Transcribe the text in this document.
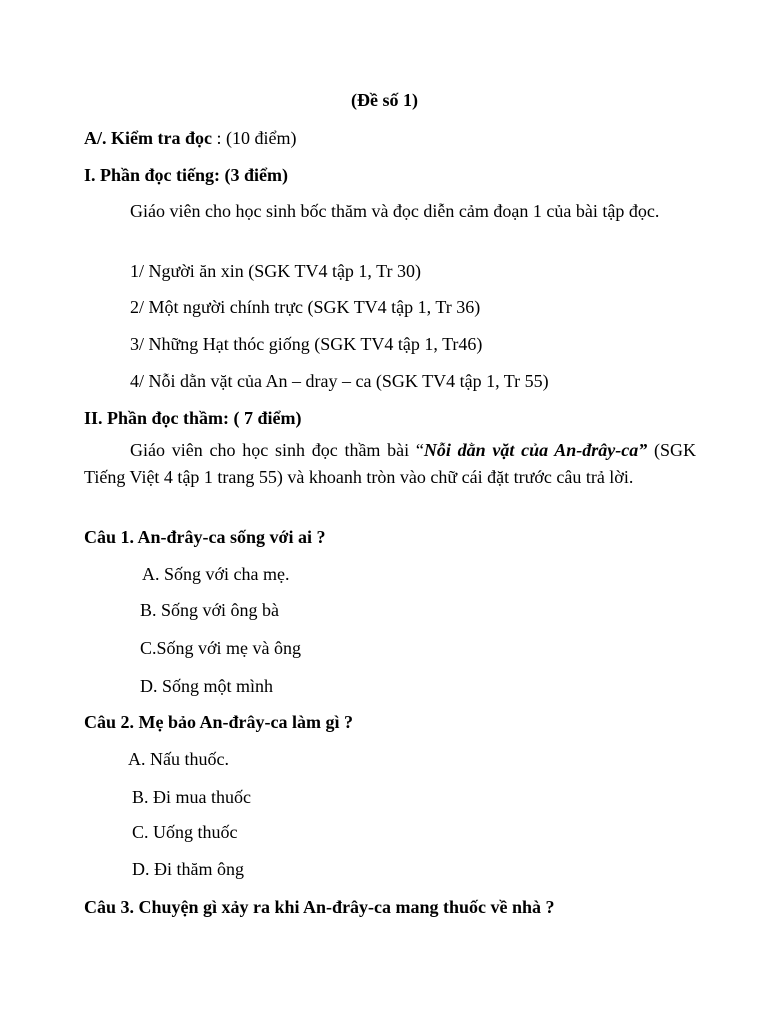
(Đề số 1)
A/. Kiểm tra đọc : (10 điểm)
I. Phần đọc tiếng: (3 điểm)
Giáo viên cho học sinh bốc thăm và đọc diễn cảm đoạn 1 của bài tập đọc.
1/ Người ăn xin (SGK TV4 tập 1, Tr 30)
2/ Một người chính trực (SGK TV4 tập 1, Tr 36)
3/ Những Hạt thóc giống (SGK TV4 tập 1, Tr46)
4/ Nỗi dằn vặt của An – dray – ca (SGK TV4 tập 1, Tr 55)
II. Phần đọc thầm: ( 7 điểm)
Giáo viên cho học sinh đọc thầm bài “Nỗi dằn vặt của An-đrây-ca” (SGK Tiếng Việt 4 tập 1 trang 55) và khoanh tròn vào chữ cái đặt trước câu trả lời.
Câu 1. An-đrây-ca sống với ai ?
A. Sống với cha mẹ.
B. Sống với ông bà
C.Sống với mẹ và ông
D. Sống một mình
Câu 2. Mẹ bảo An-đrây-ca làm gì ?
A. Nấu thuốc.
B. Đi mua thuốc
C. Uống thuốc
D. Đi thăm ông
Câu 3. Chuyện gì xảy ra khi An-đrây-ca mang thuốc về nhà ?
